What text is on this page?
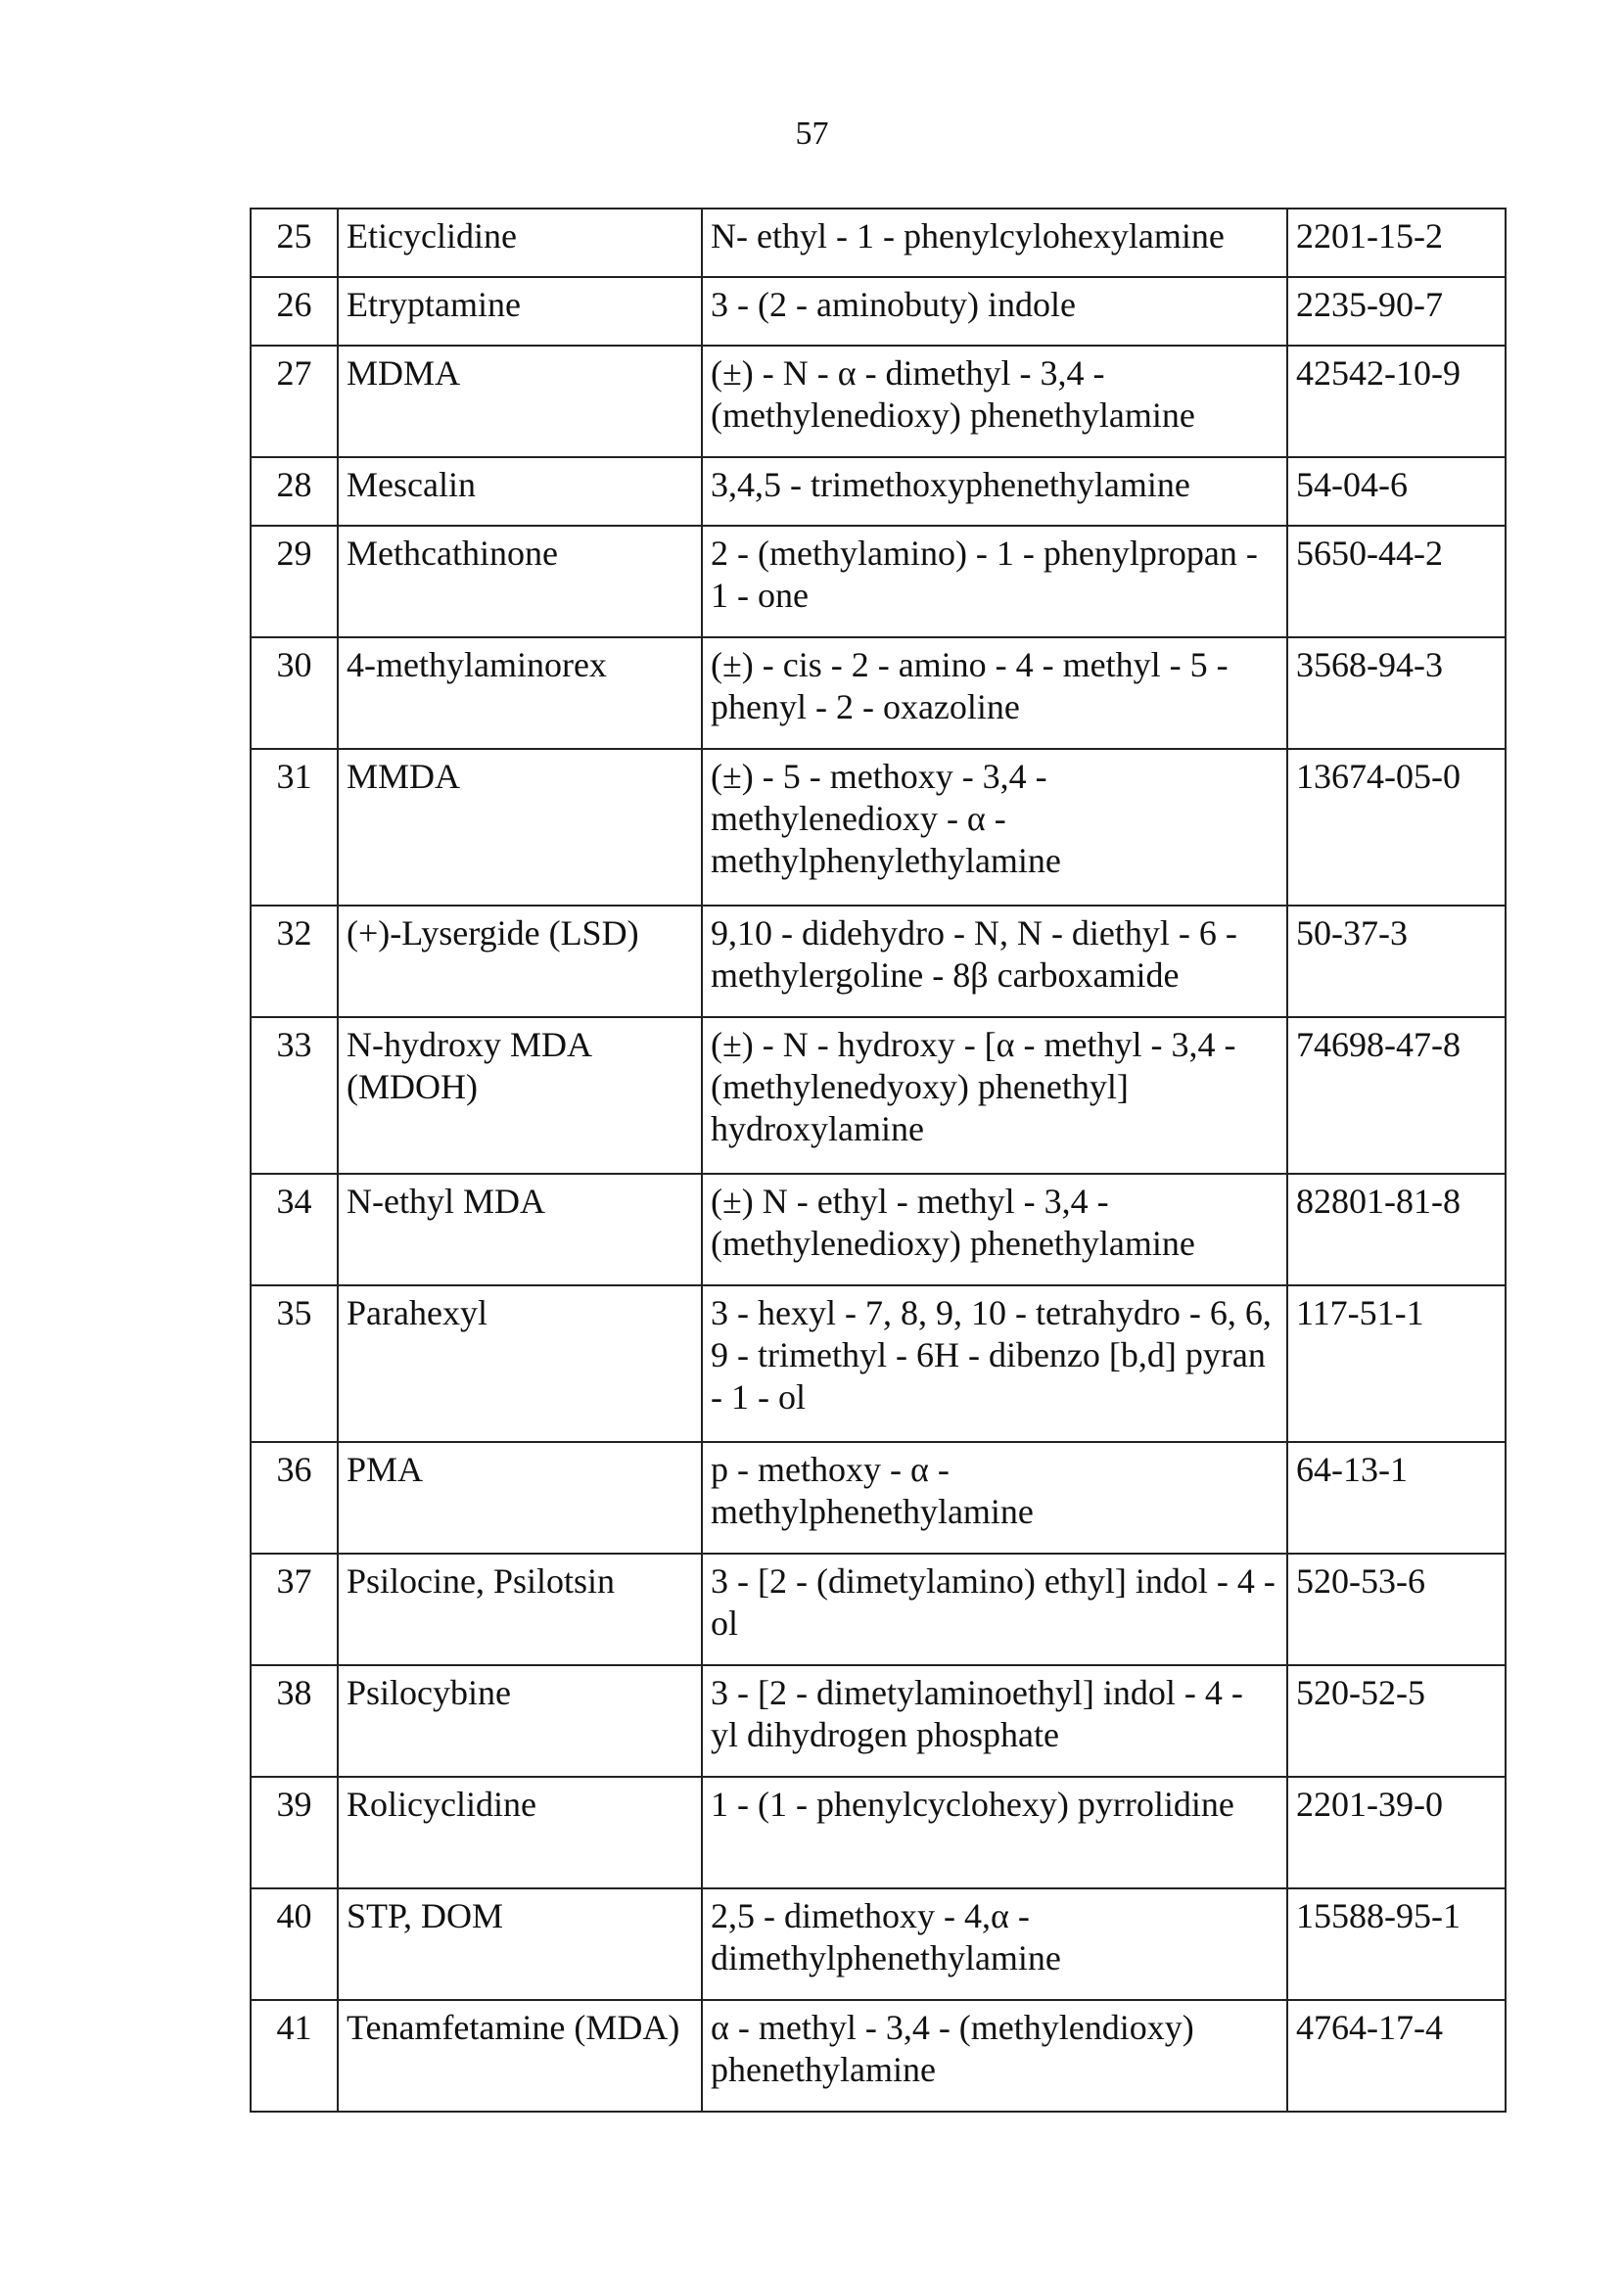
57
25	Eticyclidine	N- ethyl - 1 - phenylcylohexylamine	2201-15-2
26	Etryptamine	3 - (2 - aminobuty) indole	2235-90-7
27	MDMA	(±) - N - α - dimethyl - 3,4 - (methylenedioxy) phenethylamine	42542-10-9
28	Mescalin	3,4,5 - trimethoxyphenethylamine	54-04-6
29	Methcathinone	2 - (methylamino) - 1 - phenylpropan - 1 - one	5650-44-2
30	4-methylaminorex	(±) - cis - 2 - amino - 4 - methyl - 5 - phenyl - 2 - oxazoline	3568-94-3
31	MMDA	(±) - 5 - methoxy - 3,4 - methylenedioxy - α - methylphenylethylamine	13674-05-0
32	(+)-Lysergide (LSD)	9,10 - didehydro - N, N - diethyl - 6 - methylergoline - 8β carboxamide	50-37-3
33	N-hydroxy MDA (MDOH)	(±) - N - hydroxy - [α - methyl - 3,4 - (methylenedyoxy) phenethyl] hydroxylamine	74698-47-8
34	N-ethyl MDA	(±) N - ethyl - methyl - 3,4 - (methylenedioxy) phenethylamine	82801-81-8
35	Parahexyl	3 - hexyl - 7, 8, 9, 10 - tetrahydro - 6, 6, 9 - trimethyl - 6H - dibenzo [b,d] pyran - 1 - ol	117-51-1
36	PMA	p - methoxy - α - methylphenethylamine	64-13-1
37	Psilocine, Psilotsin	3 - [2 - (dimetylamino) ethyl] indol - 4 - ol	520-53-6
38	Psilocybine	3 - [2 - dimetylaminoethyl] indol - 4 - yl dihydrogen phosphate	520-52-5
39	Rolicyclidine	1 - (1 - phenylcyclohexy) pyrrolidine	2201-39-0
40	STP, DOM	2,5 - dimethoxy - 4,α - dimethylphenethylamine	15588-95-1
41	Tenamfetamine (MDA)	α - methyl - 3,4 - (methylendioxy) phenethylamine	4764-17-4
